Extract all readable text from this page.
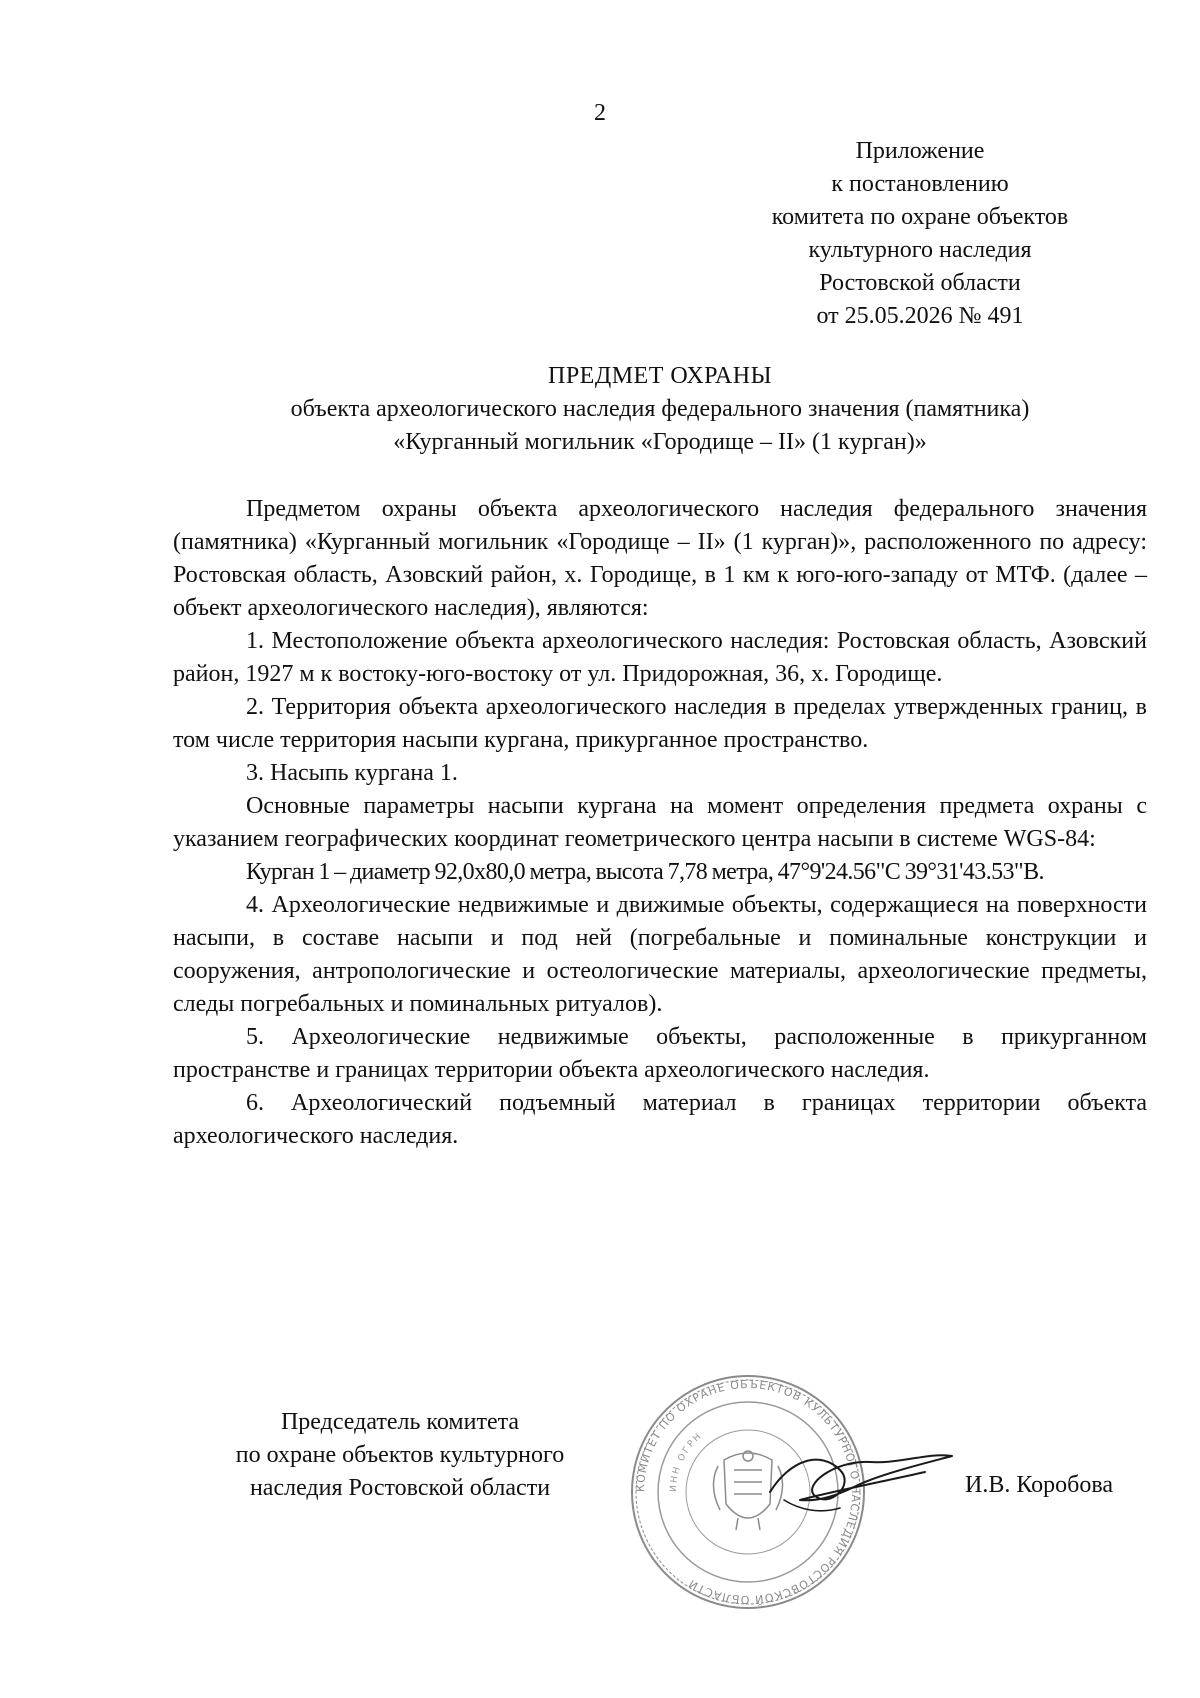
2
Приложение
к постановлению
комитета по охране объектов
культурного наследия
Ростовской области
от 25.05.2026 № 491
ПРЕДМЕТ ОХРАНЫ
объекта археологического наследия федерального значения (памятника)
«Курганный могильник «Городище – II» (1 курган)»

Предметом охраны объекта археологического наследия федерального значения (памятника) «Курганный могильник «Городище – II» (1 курган)», расположенного по адресу: Ростовская область, Азовский район, х. Городище, в 1 км к юго-юго-западу от МТФ. (далее – объект археологического наследия), являются:

1. Местоположение объекта археологического наследия: Ростовская область, Азовский район, 1927 м к востоку-юго-востоку от ул. Придорожная, 36, х. Городище.

2. Территория объекта археологического наследия в пределах утвержденных границ, в том числе территория насыпи кургана, прикурганное пространство.

3. Насыпь кургана 1.

Основные параметры насыпи кургана на момент определения предмета охраны с указанием географических координат геометрического центра насыпи в системе WGS-84:

Курган 1 – диаметр 92,0х80,0 метра, высота 7,78 метра, 47°9'24.56"С 39°31'43.53"В.

4. Археологические недвижимые и движимые объекты, содержащиеся на поверхности насыпи, в составе насыпи и под ней (погребальные и поминальные конструкции и сооружения, антропологические и остеологические материалы, археологические предметы, следы погребальных и поминальных ритуалов).

5. Археологические недвижимые объекты, расположенные в прикурганном пространстве и границах территории объекта археологического наследия.

6. Археологический подъемный материал в границах территории объекта археологического наследия.

Председатель комитета
по охране объектов культурного
наследия Ростовской области	КОМИТЕТ ПО ОХРАНЕ ОБЪЕКТОВ КУЛЬТУРНОГО НАСЛЕДИЯ РОСТОВСКОЙ ОБЛАСТИ
ИНН ОГРН
И.В. Коробова
